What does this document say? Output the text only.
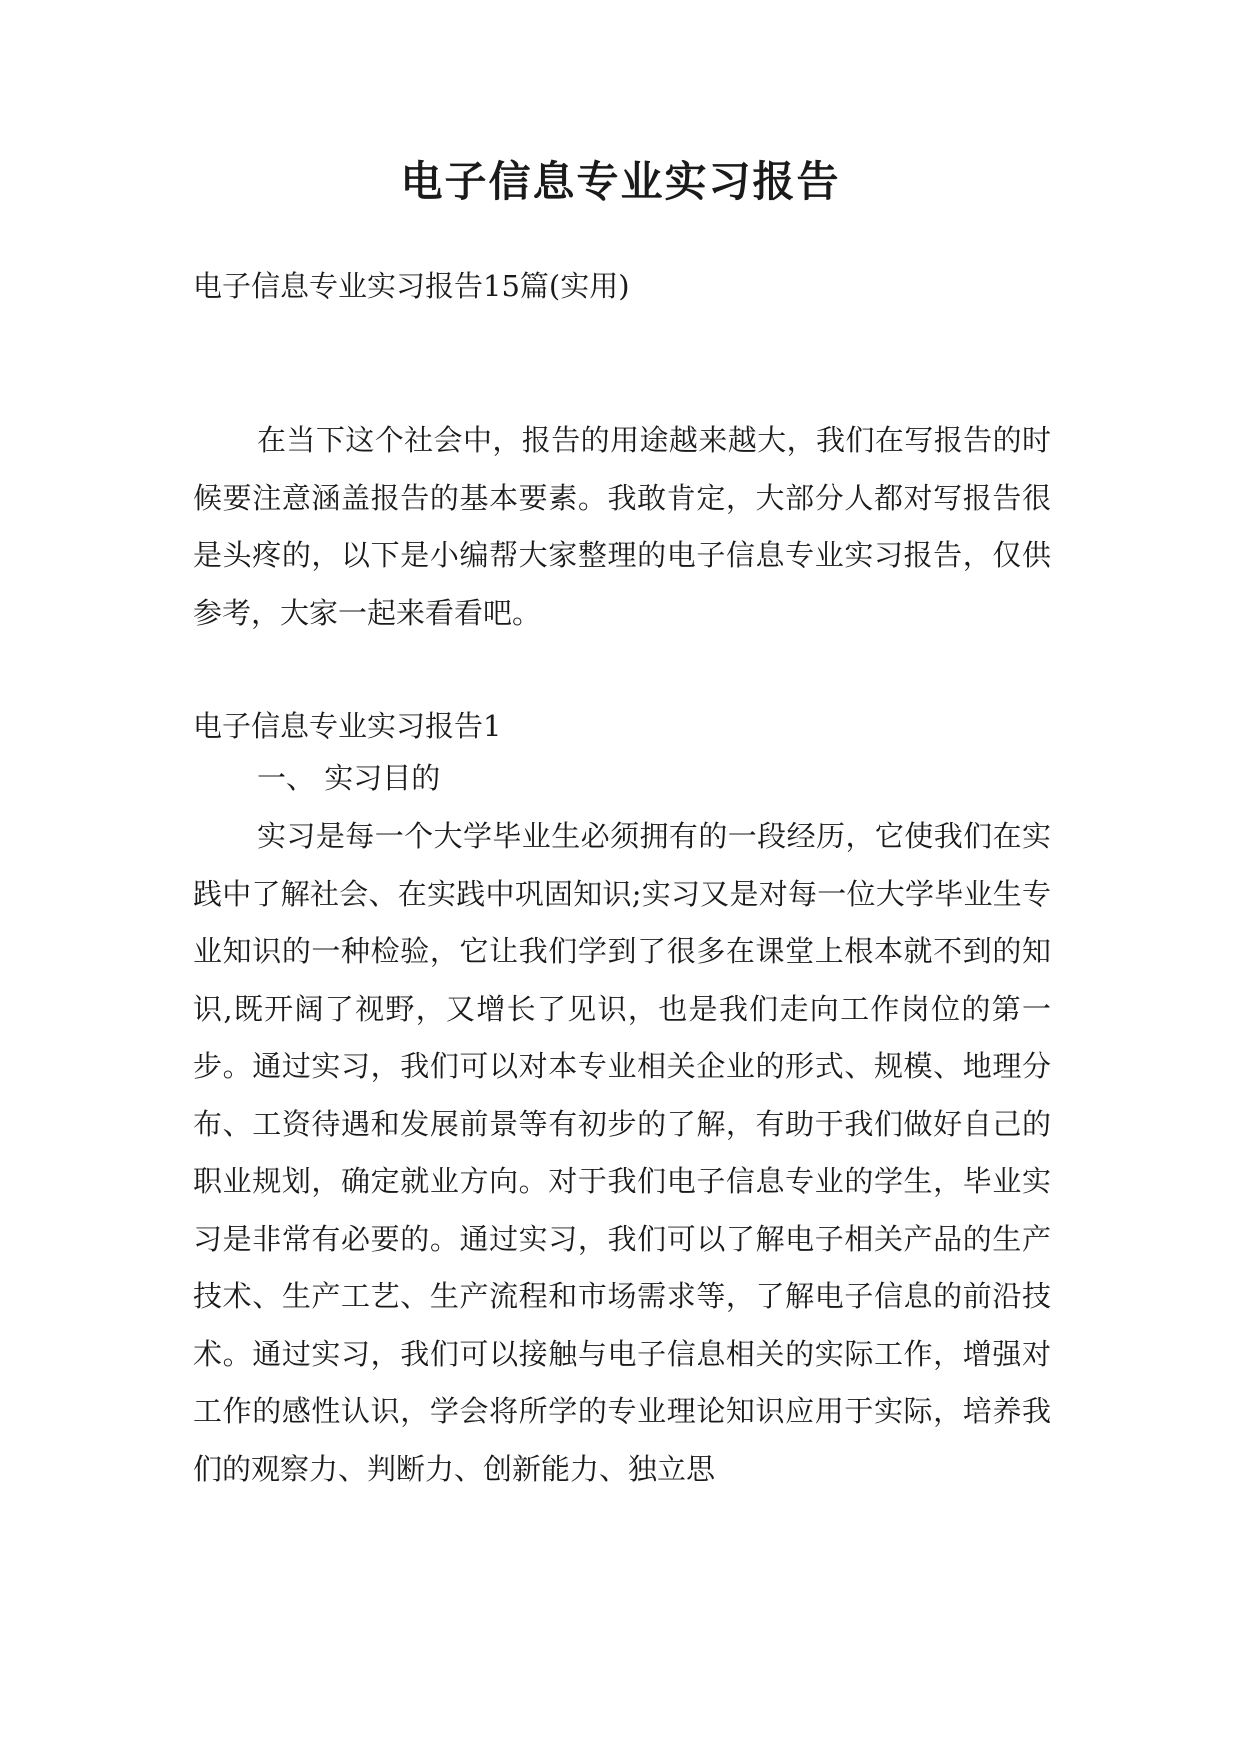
电子信息专业实习报告
电子信息专业实习报告15篇(实用)

在当下这个社会中，报告的用途越来越大，我们在写报告的时候要注意涵盖报告的基本要素。我敢肯定，大部分人都对写报告很是头疼的，以下是小编帮大家整理的电子信息专业实习报告，仅供参考，大家一起来看看吧。

电子信息专业实习报告1
一、 实习目的

实习是每一个大学毕业生必须拥有的一段经历，它使我们在实践中了解社会、在实践中巩固知识;实习又是对每一位大学毕业生专业知识的一种检验，它让我们学到了很多在课堂上根本就不到的知识,既开阔了视野，又增长了见识，也是我们走向工作岗位的第一步。通过实习，我们可以对本专业相关企业的形式、规模、地理分布、工资待遇和发展前景等有初步的了解，有助于我们做好自己的职业规划，确定就业方向。对于我们电子信息专业的学生，毕业实习是非常有必要的。通过实习，我们可以了解电子相关产品的生产技术、生产工艺、生产流程和市场需求等，了解电子信息的前沿技术。通过实习，我们可以接触与电子信息相关的实际工作，增强对工作的感性认识，学会将所学的专业理论知识应用于实际，培养我们的观察力、判断力、创新能力、独立思
